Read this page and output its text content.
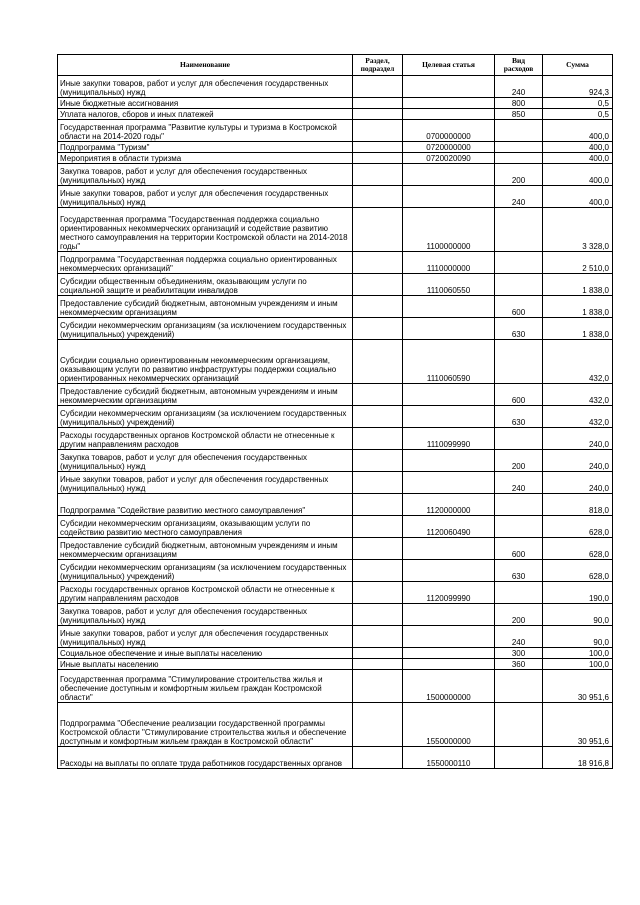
Наименование	Раздел, подраздел	Целевая статья	Вид расходов	Сумма
Иные закупки товаров, работ и услуг для обеспечения государственных (муниципальных) нужд			240	924,3
Иные бюджетные ассигнования			800	0,5
Уплата налогов, сборов и иных платежей			850	0,5
Государственная программа "Развитие культуры и туризма в Костромской области на 2014-2020 годы"		0700000000		400,0
Подпрограмма "Туризм"		0720000000		400,0
Мероприятия в области туризма		0720020090		400,0
Закупка товаров, работ и услуг для обеспечения государственных (муниципальных) нужд			200	400,0
Иные закупки товаров, работ и услуг для обеспечения государственных (муниципальных) нужд			240	400,0
Государственная программа "Государственная поддержка социально ориентированных некоммерческих организаций и содействие развитию местного самоуправления на территории Костромской области на 2014-2018 годы"		1100000000		3 328,0
Подпрограмма "Государственная поддержка социально ориентированных некоммерческих организаций"		1110000000		2 510,0
Субсидии общественным объединениям, оказывающим услуги по социальной защите и реабилитации инвалидов		1110060550		1 838,0
Предоставление субсидий бюджетным, автономным учреждениям и иным некоммерческим организациям			600	1 838,0
Субсидии некоммерческим организациям (за исключением государственных (муниципальных) учреждений)			630	1 838,0
Субсидии социально ориентированным некоммерческим организациям, оказывающим услуги по развитию инфраструктуры поддержки социально ориентированных некоммерческих организаций		1110060590		432,0
Предоставление субсидий бюджетным, автономным учреждениям и иным некоммерческим организациям			600	432,0
Субсидии некоммерческим организациям (за исключением государственных (муниципальных) учреждений)			630	432,0
Расходы государственных органов Костромской области не отнесенные к другим направлениям расходов		1110099990		240,0
Закупка товаров, работ и услуг для обеспечения государственных (муниципальных) нужд			200	240,0
Иные закупки товаров, работ и услуг для обеспечения государственных (муниципальных) нужд			240	240,0
Подпрограмма "Содействие развитию местного самоуправления"		1120000000		818,0
Субсидии некоммерческим организациям, оказывающим услуги по содействию развитию местного самоуправления		1120060490		628,0
Предоставление субсидий бюджетным, автономным учреждениям и иным некоммерческим организациям			600	628,0
Субсидии некоммерческим организациям (за исключением государственных (муниципальных) учреждений)			630	628,0
Расходы государственных органов Костромской области не отнесенные к другим направлениям расходов		1120099990		190,0
Закупка товаров, работ и услуг для обеспечения государственных (муниципальных) нужд			200	90,0
Иные закупки товаров, работ и услуг для обеспечения государственных (муниципальных) нужд			240	90,0
Социальное обеспечение и иные выплаты населению			300	100,0
Иные выплаты населению			360	100,0
Государственная программа "Стимулирование строительства жилья и обеспечение доступным и комфортным жильем граждан Костромской области"		1500000000		30 951,6
Подпрограмма "Обеспечение реализации государственной программы Костромской области "Стимулирование строительства жилья и обеспечение доступным и комфортным жильем граждан в Костромской области"		1550000000		30 951,6
Расходы на выплаты по оплате труда работников государственных органов		1550000110		18 916,8
